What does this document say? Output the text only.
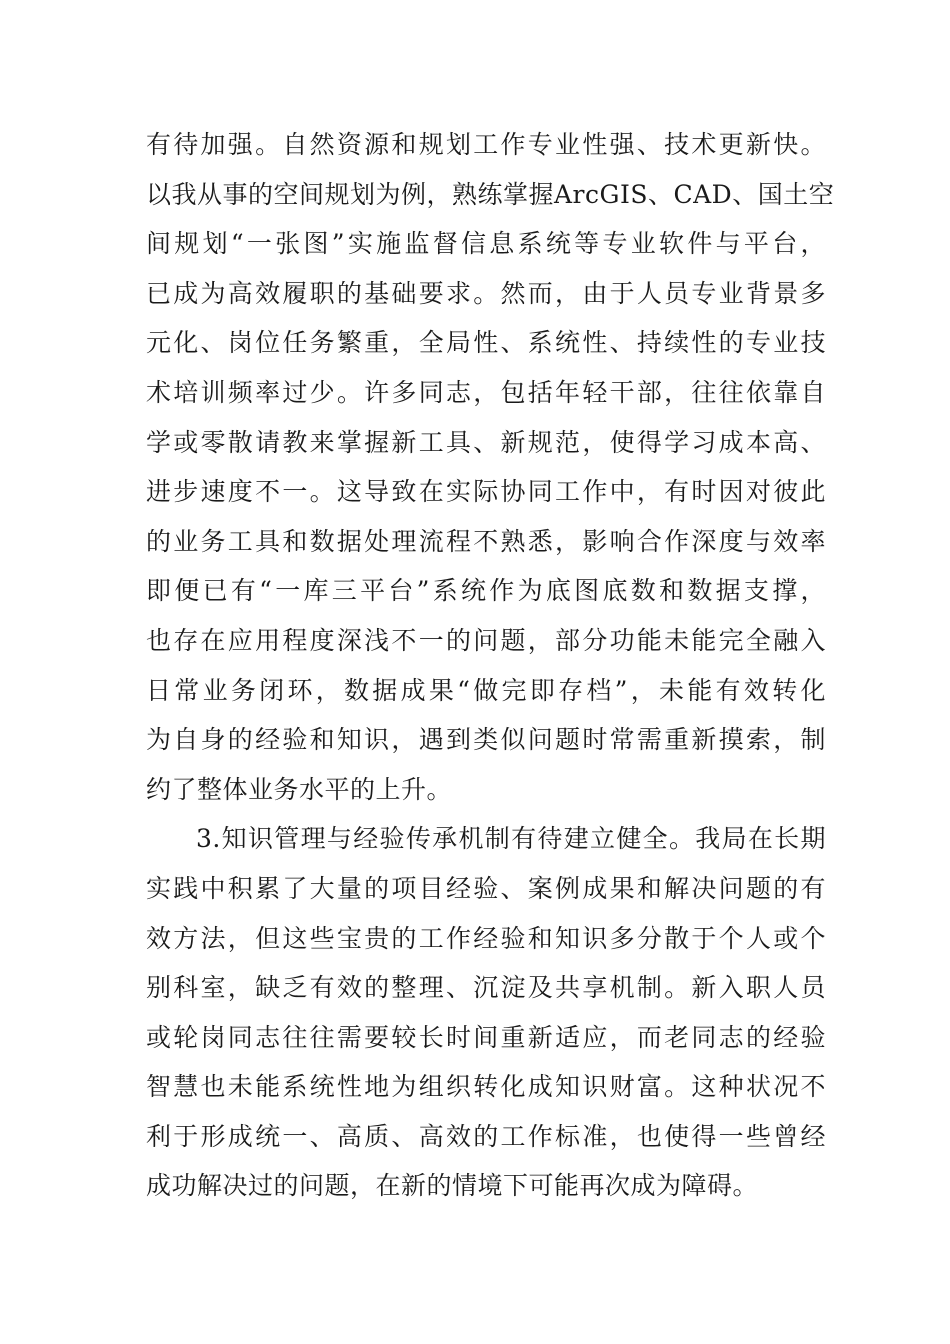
有待加强。自然资源和规划工作专业性强、技术更新快。
以我从事的空间规划为例，熟练掌握ArcGIS、CAD、国土空
间规划“一张图”实施监督信息系统等专业软件与平台，
已成为高效履职的基础要求。然而，由于人员专业背景多
元化、岗位任务繁重，全局性、系统性、持续性的专业技
术培训频率过少。许多同志，包括年轻干部，往往依靠自
学或零散请教来掌握新工具、新规范，使得学习成本高、
进步速度不一。这导致在实际协同工作中，有时因对彼此
的业务工具和数据处理流程不熟悉，影响合作深度与效率
即便已有“一库三平台”系统作为底图底数和数据支撑，
也存在应用程度深浅不一的问题，部分功能未能完全融入
日常业务闭环，数据成果“做完即存档”，未能有效转化
为自身的经验和知识，遇到类似问题时常需重新摸索，制
约了整体业务水平的上升。
3.知识管理与经验传承机制有待建立健全。我局在长期
实践中积累了大量的项目经验、案例成果和解决问题的有
效方法，但这些宝贵的工作经验和知识多分散于个人或个
别科室，缺乏有效的整理、沉淀及共享机制。新入职人员
或轮岗同志往往需要较长时间重新适应，而老同志的经验
智慧也未能系统性地为组织转化成知识财富。这种状况不
利于形成统一、高质、高效的工作标准，也使得一些曾经
成功解决过的问题，在新的情境下可能再次成为障碍。
